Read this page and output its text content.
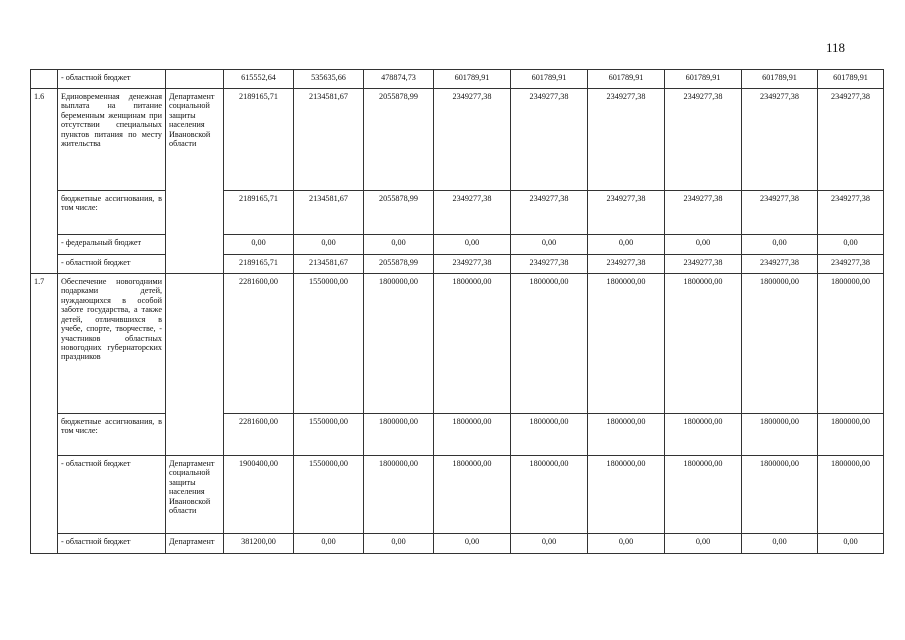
118
	- областной бюджет		615552,64	535635,66	478874,73	601789,91	601789,91	601789,91	601789,91	601789,91	601789,91
1.6	Единовременная денежная выплата на питание беременным женщинам при отсутствии специальных пунктов питания по месту жительства	Департамент социальной защиты населения Ивановской области	2189165,71	2134581,67	2055878,99	2349277,38	2349277,38	2349277,38	2349277,38	2349277,38	2349277,38
	бюджетные ассигнования, в том числе:		2189165,71	2134581,67	2055878,99	2349277,38	2349277,38	2349277,38	2349277,38	2349277,38	2349277,38
	- федеральный бюджет		0,00	0,00	0,00	0,00	0,00	0,00	0,00	0,00	0,00
	- областной бюджет		2189165,71	2134581,67	2055878,99	2349277,38	2349277,38	2349277,38	2349277,38	2349277,38	2349277,38
1.7	Обеспечение новогодними подарками детей, нуждающихся в особой заботе государства, а также детей, отличившихся в учебе, спорте, творчестве, - участников областных новогодних губернаторских праздников		2281600,00	1550000,00	1800000,00	1800000,00	1800000,00	1800000,00	1800000,00	1800000,00	1800000,00
	бюджетные ассигнования, в том числе:		2281600,00	1550000,00	1800000,00	1800000,00	1800000,00	1800000,00	1800000,00	1800000,00	1800000,00
	- областной бюджет	Департамент социальной защиты населения Ивановской области	1900400,00	1550000,00	1800000,00	1800000,00	1800000,00	1800000,00	1800000,00	1800000,00	1800000,00
	- областной бюджет	Департамент	381200,00	0,00	0,00	0,00	0,00	0,00	0,00	0,00	0,00
